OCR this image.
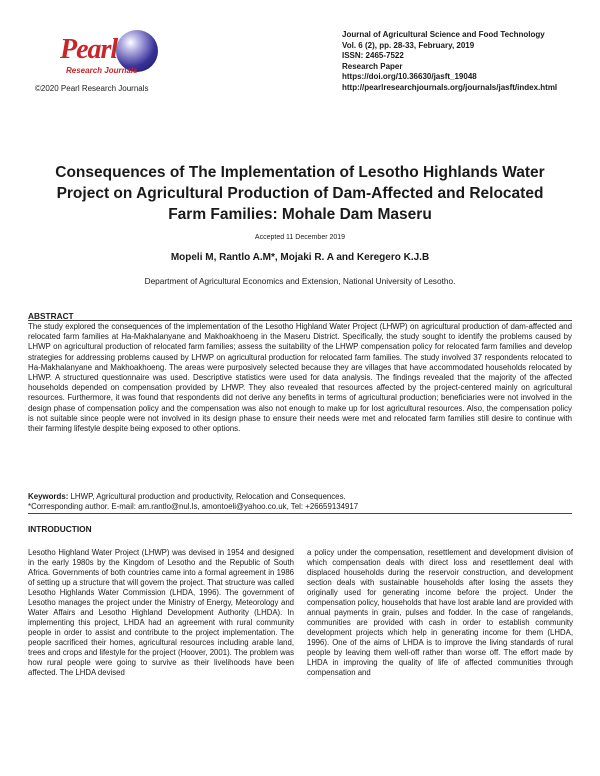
Pearl
Research Journals
©2020 Pearl Research Journals
Journal of Agricultural Science and Food Technology
Vol. 6 (2), pp. 28-33, February, 2019
ISSN: 2465-7522
Research Paper
https://doi.org/10.36630/jasft_19048
http://pearlresearchjournals.org/journals/jasft/index.html
Consequences of The Implementation of Lesotho Highlands Water Project on Agricultural Production of Dam-Affected and Relocated Farm Families: Mohale Dam Maseru
Accepted 11 December 2019
Mopeli M, Rantlo A.M*, Mojaki R. A and Keregero K.J.B
Department of Agricultural Economics and Extension, National University of Lesotho.
ABSTRACT
The study explored the consequences of the implementation of the Lesotho Highland Water Project (LHWP) on agricultural production of dam-affected and relocated farm families at Ha-Makhalanyane and Makhoakhoeng in the Maseru District. Specifically, the study sought to identify the problems caused by LHWP on agricultural production of relocated farm families; assess the suitability of the LHWP compensation policy for relocated farm families and develop strategies for addressing problems caused by LHWP on agricultural production for relocated farm families. The study involved 37 respondents relocated to Ha-Makhalanyane and Makhoakhoeng. The areas were purposively selected because they are villages that have accommodated households relocated by LHWP. A structured questionnaire was used. Descriptive statistics were used for data analysis. The findings revealed that the majority of the affected households depended on compensation provided by LHWP. They also revealed that resources affected by the project-centered mainly on agricultural resources. Furthermore, it was found that respondents did not derive any benefits in terms of agricultural production; beneficiaries were not involved in the design phase of compensation policy and the compensation was also not enough to make up for lost agricultural resources. Also, the compensation policy is not suitable since people were not involved in its design phase to ensure their needs were met and relocated farm families still desire to continue with their farming lifestyle despite being exposed to other options.
Keywords: LHWP, Agricultural production and productivity, Relocation and Consequences.
*Corresponding author. E-mail: am.rantlo@nul.ls, amontoeli@yahoo.co.uk, Tel: +26659134917
INTRODUCTION
Lesotho Highland Water Project (LHWP) was devised in 1954 and designed in the early 1980s by the Kingdom of Lesotho and the Republic of South Africa. Governments of both countries came into a formal agreement in 1986 of setting up a structure that will govern the project. That structure was called Lesotho Highlands Water Commission (LHDA, 1996). The government of Lesotho manages the project under the Ministry of Energy, Meteorology and Water Affairs and Lesotho Highland Development Authority (LHDA). In implementing this project, LHDA had an agreement with rural community people in order to assist and contribute to the project implementation. The people sacrificed their homes, agricultural resources including arable land, trees and crops and lifestyle for the project (Hoover, 2001). The problem was how rural people were going to survive as their livelihoods have been affected. The LHDA devised
a policy under the compensation, resettlement and development division of which compensation deals with direct loss and resettlement deal with displaced households during the reservoir construction, and development section deals with sustainable households after losing the assets they originally used for generating income before the project. Under the compensation policy, households that have lost arable land are provided with annual payments in grain, pulses and fodder. In the case of rangelands, communities are provided with cash in order to establish community development projects which help in generating income for them (LHDA, 1996). One of the aims of LHDA is to improve the living standards of rural people by leaving them well-off rather than worse off. The effort made by LHDA in improving the quality of life of affected communities through compensation and
